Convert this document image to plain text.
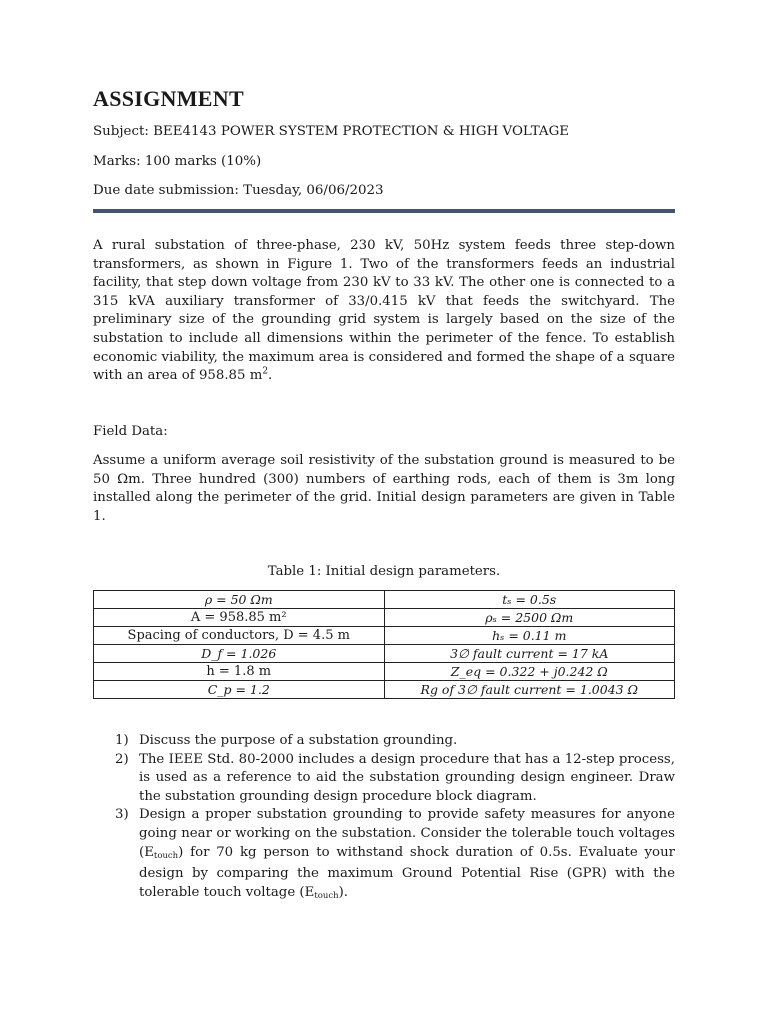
ASSIGNMENT
Subject: BEE4143 POWER SYSTEM PROTECTION & HIGH VOLTAGE
Marks: 100 marks (10%)
Due date submission: Tuesday, 06/06/2023
A rural substation of three-phase, 230 kV, 50Hz system feeds three step-down transformers, as shown in Figure 1. Two of the transformers feeds an industrial facility, that step down voltage from 230 kV to 33 kV. The other one is connected to a 315 kVA auxiliary transformer of 33/0.415 kV that feeds the switchyard. The preliminary size of the grounding grid system is largely based on the size of the substation to include all dimensions within the perimeter of the fence. To establish economic viability, the maximum area is considered and formed the shape of a square with an area of 958.85 $m^2$.
Field Data:
Assume a uniform average soil resistivity of the substation ground is measured to be 50 Ωm. Three hundred (300) numbers of earthing rods, each of them is 3m long installed along the perimeter of the grid. Initial design parameters are given in Table 1.
Table 1: Initial design parameters.
ρ = 50 Ωm	tₛ = 0.5s
A = 958.85 m²	ρₛ = 2500 Ωm
Spacing of conductors, D = 4.5 m	hₛ = 0.11 m
D_f = 1.026	3∅ fault current = 17 kA
h = 1.8 m	Z_eq = 0.322 + j0.242 Ω
C_p = 1.2	Rg of 3∅ fault current = 1.0043 Ω
1) Discuss the purpose of a substation grounding.
2) The IEEE Std. 80-2000 includes a design procedure that has a 12-step process, is used as a reference to aid the substation grounding design engineer. Draw the substation grounding design procedure block diagram.
3) Design a proper substation grounding to provide safety measures for anyone going near or working on the substation. Consider the tolerable touch voltages $(E_{touch})$ for 70 kg person to withstand shock duration of 0.5s. Evaluate your design by comparing the maximum Ground Potential Rise (GPR) with the tolerable touch voltage $(E_{touch})$.
